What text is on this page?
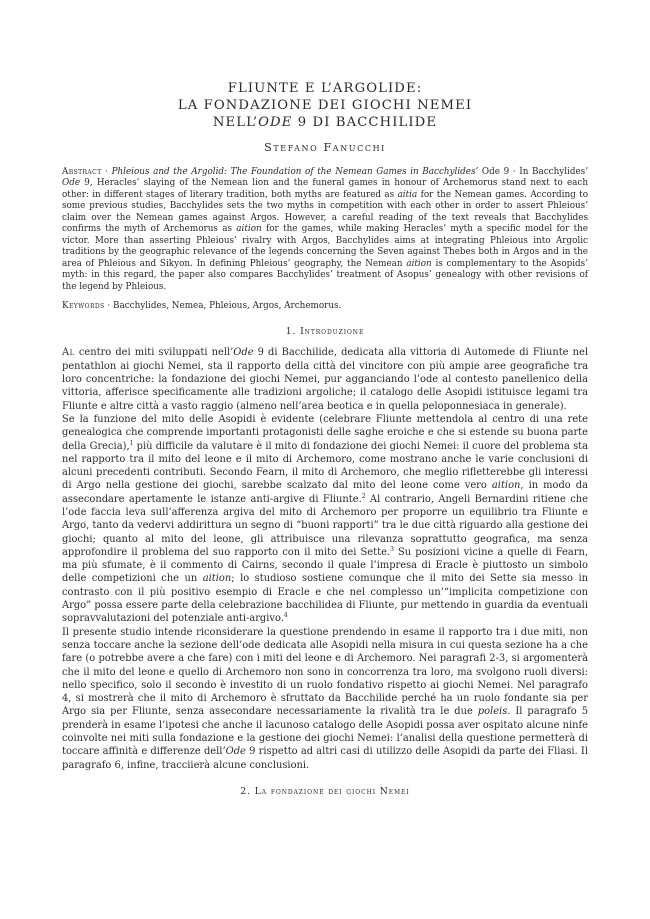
FLIUNTE E L’ARGOLIDE:
LA FONDAZIONE DEI GIOCHI NEMEI
NELL’ODE 9 DI BACCHILIDE
Stefano Fanucchi
Abstract · Phleious and the Argolid: The Foundation of the Nemean Games in Bacchylides’ Ode 9 · In Bacchylides’ Ode 9, Heracles’ slaying of the Nemean lion and the funeral games in honour of Archemorus stand next to each other: in different stages of literary tradition, both myths are featured as aitia for the Nemean games. According to some previous studies, Bacchylides sets the two myths in competition with each other in order to assert Phleious’ claim over the Nemean games against Argos. However, a careful reading of the text reveals that Bacchylides confirms the myth of Archemorus as aition for the games, while making Heracles’ myth a specific model for the victor. More than asserting Phleious’ rivalry with Argos, Bacchylides aims at integrating Phleious into Argolic traditions by the geographic relevance of the legends concerning the Seven against Thebes both in Argos and in the area of Phleious and Sikyon. In defining Phleious’ geography, the Nemean aition is complementary to the Asopids’ myth: in this regard, the paper also compares Bacchylides’ treatment of Asopus’ genealogy with other revisions of the legend by Phleious.
Keywords · Bacchylides, Nemea, Phleious, Argos, Archemorus.
1. Introduzione

Al centro dei miti sviluppati nell’Ode 9 di Bacchilide, dedicata alla vittoria di Automede di Fliunte nel pentathlon ai giochi Nemei, sta il rapporto della città del vincitore con più ampie aree geografiche tra loro concentriche: la fondazione dei giochi Nemei, pur agganciando l’ode al contesto panellenico della vittoria, afferisce specificamente alle tradizioni argoliche; il catalogo delle Asopidi istituisce legami tra Fliunte e altre città a vasto raggio (almeno nell’area beotica e in quella peloponnesiaca in generale).

Se la funzione del mito delle Asopidi è evidente (celebrare Fliunte mettendola al centro di una rete genealogica che comprende importanti protagonisti delle saghe eroiche e che si estende su buona parte della Grecia),$^1$ più difficile da valutare è il mito di fondazione dei giochi Nemei: il cuore del problema sta nel rapporto tra il mito del leone e il mito di Archemoro, come mostrano anche le varie conclusioni di alcuni precedenti contributi. Secondo Fearn, il mito di Archemoro, che meglio rifletterebbe gli interessi di Argo nella gestione dei giochi, sarebbe scalzato dal mito del leone come vero aition, in modo da assecondare apertamente le istanze anti-argive di Fliunte.$^2$ Al contrario, Angeli Bernardini ritiene che l’ode faccia leva sull’afferenza argiva del mito di Archemoro per proporre un equilibrio tra Fliunte e Argo, tanto da vedervi addirittura un segno di “buoni rapporti” tra le due città riguardo alla gestione dei giochi; quanto al mito del leone, gli attribuisce una rilevanza soprattutto geografica, ma senza approfondire il problema del suo rapporto con il mito dei Sette.$^3$ Su posizioni vicine a quelle di Fearn, ma più sfumate, è il commento di Cairns, secondo il quale l’impresa di Eracle è piuttosto un simbolo delle competizioni che un aition; lo studioso sostiene comunque che il mito dei Sette sia messo in contrasto con il più positivo esempio di Eracle e che nel complesso un’“implicita competizione con Argo” possa essere parte della celebrazione bacchilidea di Fliunte, pur mettendo in guardia da eventuali sopravvalutazioni del potenziale anti-argivo.$^4$

Il presente studio intende riconsiderare la questione prendendo in esame il rapporto tra i due miti, non senza toccare anche la sezione dell’ode dedicata alle Asopidi nella misura in cui questa sezione ha a che fare (o potrebbe avere a che fare) con i miti del leone e di Archemoro. Nei paragrafi 2-3, si argomenterà che il mito del leone e quello di Archemoro non sono in concorrenza tra loro, ma svolgono ruoli diversi: nello specifico, solo il secondo è investito di un ruolo fondativo rispetto ai giochi Nemei. Nel paragrafo 4, si mostrerà che il mito di Archemoro è sfruttato da Bacchilide perché ha un ruolo fondante sia per Argo sia per Fliunte, senza assecondare necessariamente la rivalità tra le due poleis. Il paragrafo 5 prenderà in esame l’ipotesi che anche il lacunoso catalogo delle Asopidi possa aver ospitato alcune ninfe coinvolte nei miti sulla fondazione e la gestione dei giochi Nemei: l’analisi della questione permetterà di toccare affinità e differenze dell’Ode 9 rispetto ad altri casi di utilizzo delle Asopidi da parte dei Fliasi. Il paragrafo 6, infine, tracciierà alcune conclusioni.

2. La fondazione dei giochi Nemei
